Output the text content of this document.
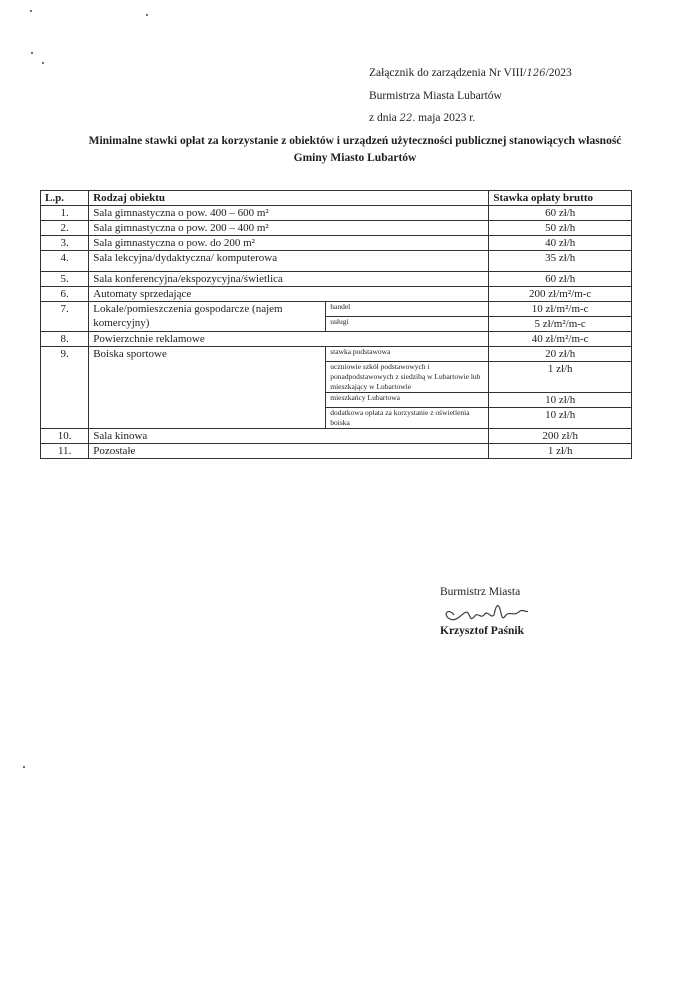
Załącznik do zarządzenia Nr VIII/126/2023
Burmistrza Miasta Lubartów
z dnia 22. maja 2023 r.
Minimalne stawki opłat za korzystanie z obiektów i urządzeń użyteczności publicznej stanowiących własność
Gminy Miasto Lubartów
L.p.	Rodzaj obiektu		Stawka opłaty brutto
1.	Sala gimnastyczna o pow. 400 – 600 m²		60 zł/h
2.	Sala gimnastyczna o pow. 200 – 400 m²		50 zł/h
3.	Sala gimnastyczna o pow. do 200 m²		40 zł/h
4.	Sala lekcyjna/dydaktyczna/ komputerowa		35 zł/h
5.	Sala konferencyjna/ekspozycyjna/świetlica		60 zł/h
6.	Automaty sprzedające		200 zł/m²/m-c
7.	Lokale/pomieszczenia gospodarcze (najem komercyjny)	handel	10 zł/m²/m-c
		usługi	5 zł/m²/m-c
8.	Powierzchnie reklamowe		40 zł/m²/m-c
9.	Boiska sportowe	stawka podstawowa	20 zł/h
		uczniowie szkół podstawowych i ponadpodstawowych z siedzibą w Lubartowie lub mieszkający w Lubartowie	1 zł/h
		mieszkańcy Lubartowa	10 zł/h
		dodatkowa opłata za korzystanie z oświetlenia boiska	10 zł/h
10.	Sala kinowa		200 zł/h
11.	Pozostałe		1 zł/h
Burmistrz Miasta
Krzysztof Paśnik
